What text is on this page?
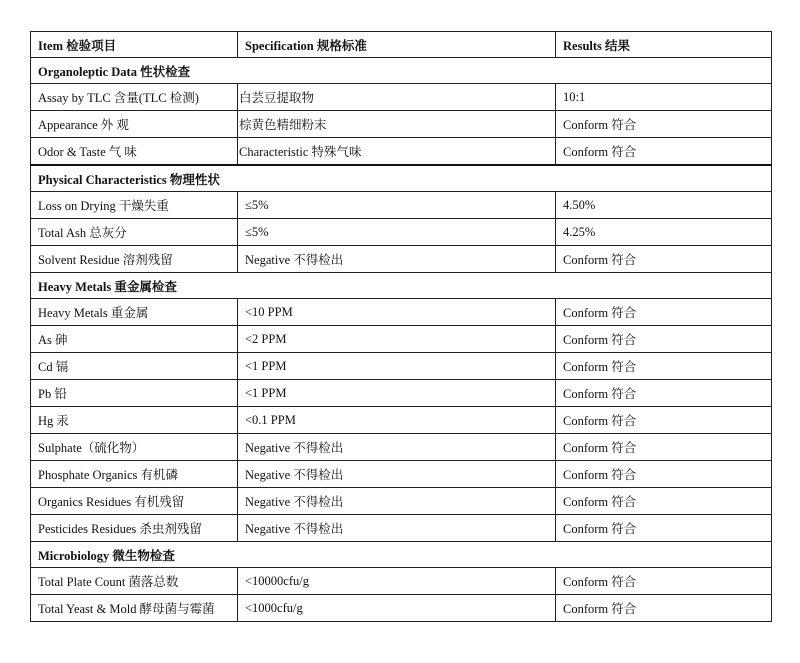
Item 检验项目	Specification 规格标准	Results 结果
Organoleptic Data 性状检查		
Assay by TLC 含量(TLC 检测)	白芸豆提取物	10:1
Appearance 外 观	棕黄色精细粉末	Conform 符合
Odor & Taste 气 味	Characteristic 特殊气味	Conform 符合
Physical Characteristics 物理性状		
Loss on Drying 干燥失重	≤5%	4.50%
Total Ash 总灰分	≤5%	4.25%
Solvent Residue 溶剂残留	Negative 不得检出	Conform 符合
Heavy Metals 重金属检查		
Heavy Metals 重金属	<10 PPM	Conform 符合
As 砷	<2 PPM	Conform 符合
Cd 镉	<1 PPM	Conform 符合
Pb 铅	<1 PPM	Conform 符合
Hg 汞	<0.1 PPM	Conform 符合
Sulphate（硫化物）	Negative 不得检出	Conform 符合
Phosphate Organics 有机磷	Negative 不得检出	Conform 符合
Organics Residues 有机残留	Negative 不得检出	Conform 符合
Pesticides Residues 杀虫剂残留	Negative 不得检出	Conform 符合
Microbiology 微生物检查		
Total Plate Count 菌落总数	<10000cfu/g	Conform 符合
Total Yeast & Mold 酵母菌与霉菌	<1000cfu/g	Conform 符合
